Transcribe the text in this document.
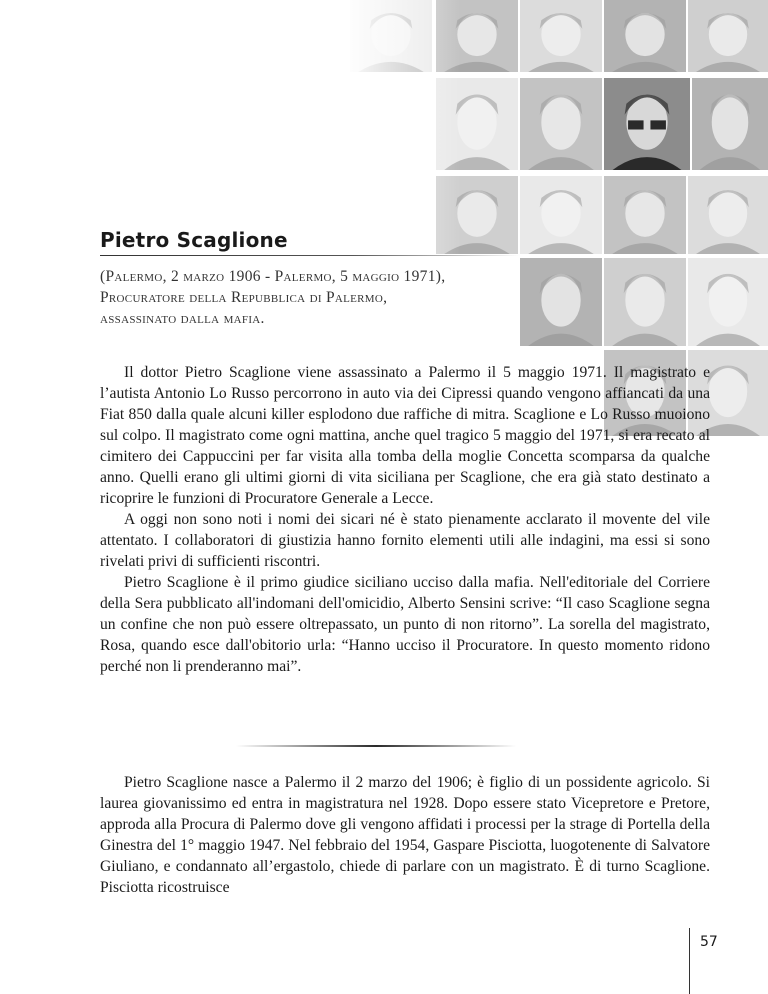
Pietro Scaglione
(Palermo, 2 marzo 1906 - Palermo, 5 maggio 1971),
Procuratore della Repubblica di Palermo,
assassinato dalla mafia.

Il dottor Pietro Scaglione viene assassinato a Palermo il 5 maggio 1971. Il magistrato e l’autista Antonio Lo Russo percorrono in auto via dei Cipressi quando vengono affiancati da una Fiat 850 dalla quale alcuni killer esplodono due raffiche di mitra. Scaglione e Lo Russo muoiono sul colpo. Il magistrato come ogni mattina, anche quel tragico 5 maggio del 1971, si era recato al cimitero dei Cappuccini per far visita alla tomba della moglie Concetta scomparsa da qualche anno. Quelli erano gli ultimi giorni di vita siciliana per Scaglione, che era già stato destinato a ricoprire le funzioni di Procuratore Generale a Lecce.

A oggi non sono noti i nomi dei sicari né è stato pienamente acclarato il movente del vile attentato. I collaboratori di giustizia hanno fornito elementi utili alle indagini, ma essi si sono rivelati privi di sufficienti riscontri.

Pietro Scaglione è il primo giudice siciliano ucciso dalla mafia. Nell'editoriale del Corriere della Sera pubblicato all'indomani dell'omicidio, Alberto Sensini scrive: “Il caso Scaglione segna un confine che non può essere oltrepassato, un punto di non ritorno”. La sorella del magistrato, Rosa, quando esce dall'obitorio urla: “Hanno ucciso il Procuratore. In questo momento ridono perché non li prenderanno mai”.

Pietro Scaglione nasce a Palermo il 2 marzo del 1906; è figlio di un possidente agricolo. Si laurea giovanissimo ed entra in magistratura nel 1928. Dopo essere stato Vicepretore e Pretore, approda alla Procura di Palermo dove gli vengono affidati i processi per la strage di Portella della Ginestra del 1° maggio 1947. Nel febbraio del 1954, Gaspare Pisciotta, luogotenente di Salvatore Giuliano, e condannato all’ergastolo, chiede di parlare con un magistrato. È di turno Scaglione. Pisciotta ricostruisce

57
